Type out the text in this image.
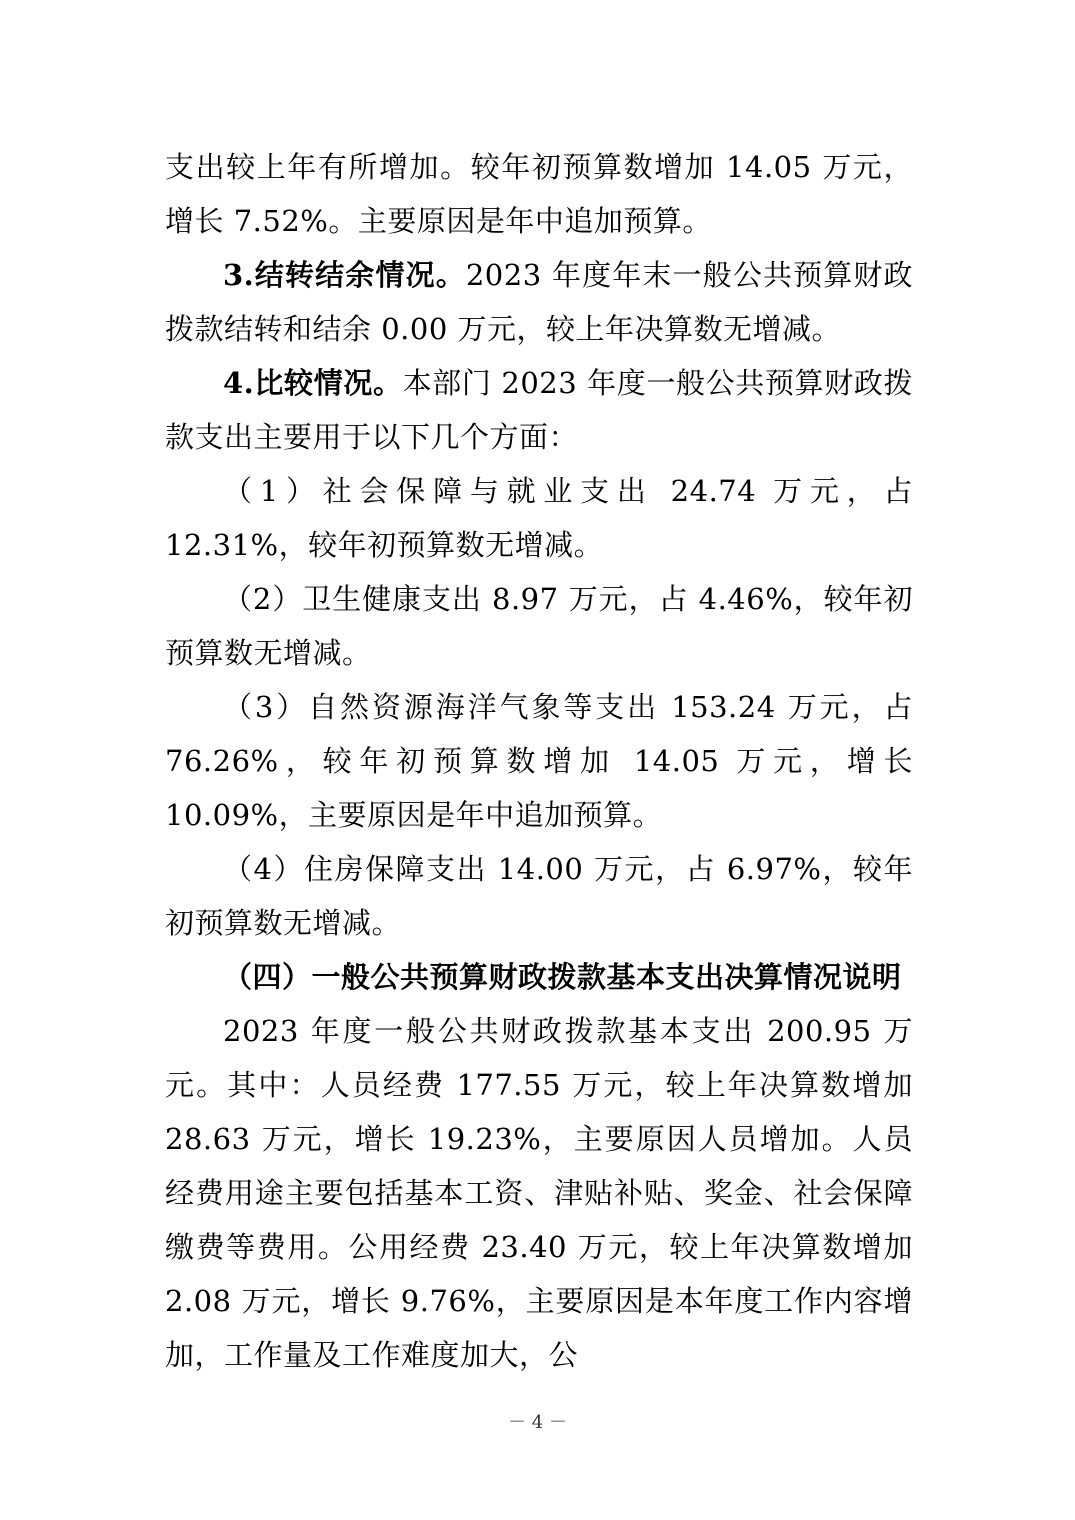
支出较上年有所增加。较年初预算数增加 14.05 万元，增长 7.52%。主要原因是年中追加预算。

3.结转结余情况。2023 年度年末一般公共预算财政拨款结转和结余 0.00 万元，较上年决算数无增减。

4.比较情况。本部门 2023 年度一般公共预算财政拨款支出主要用于以下几个方面：

（1）社会保障与就业支出 24.74 万元，占 12.31%，较年初预算数无增减。

（2）卫生健康支出 8.97 万元，占 4.46%，较年初预算数无增减。

（3）自然资源海洋气象等支出 153.24 万元，占 76.26%，较年初预算数增加 14.05 万元，增长 10.09%，主要原因是年中追加预算。

（4）住房保障支出 14.00 万元，占 6.97%，较年初预算数无增减。

（四）一般公共预算财政拨款基本支出决算情况说明

2023 年度一般公共财政拨款基本支出 200.95 万元。其中：人员经费 177.55 万元，较上年决算数增加 28.63 万元，增长 19.23%，主要原因人员增加。人员经费用途主要包括基本工资、津贴补贴、奖金、社会保障缴费等费用。公用经费 23.40 万元，较上年决算数增加 2.08 万元，增长 9.76%，主要原因是本年度工作内容增加，工作量及工作难度加大，公

－ 4 －
